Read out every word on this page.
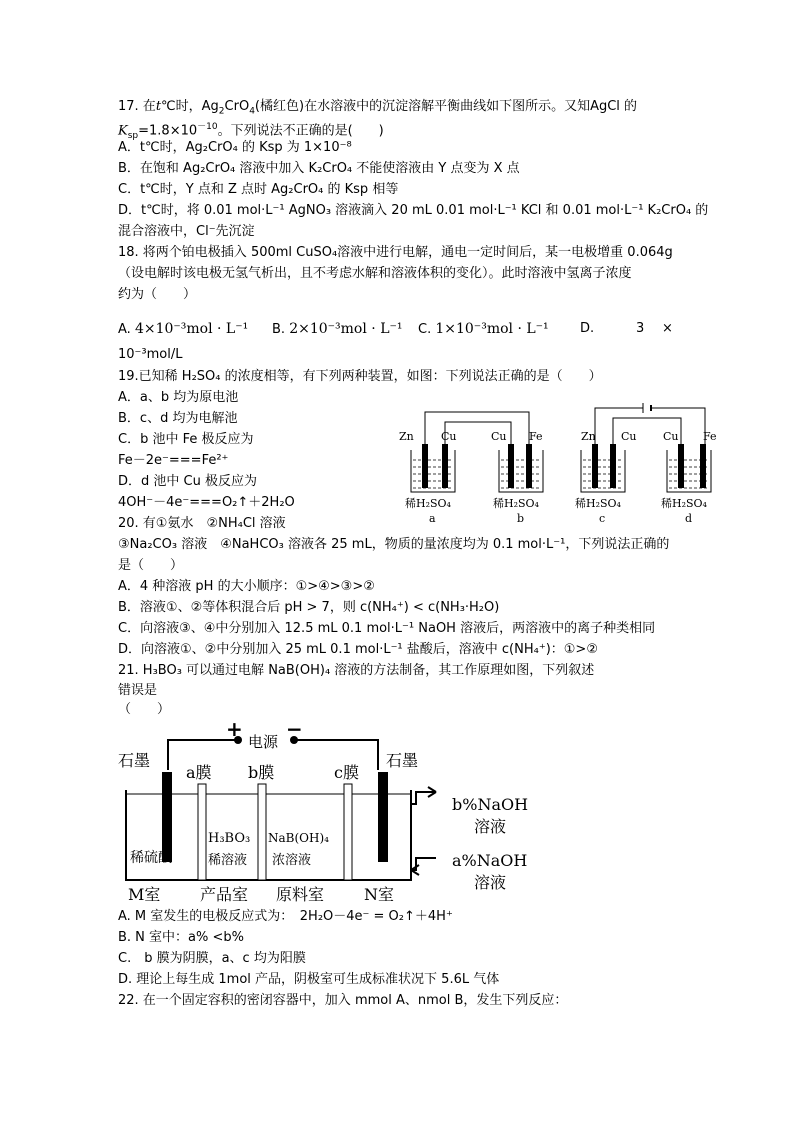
17. 在t℃时，$Ag_2CrO_4$(橘红色)在水溶液中的沉淀溶解平衡曲线如下图所示。又知AgCl 的
$K_{sp}=1.8\times 10^{-10}$。下列说法不正确的是(　　)
A．t℃时，Ag₂CrO₄ 的 Ksp 为 1×10⁻⁸
B．在饱和 Ag₂CrO₄ 溶液中加入 K₂CrO₄ 不能使溶液由 Y 点变为 X 点
C．t℃时，Y 点和 Z 点时 Ag₂CrO₄ 的 Ksp 相等
D．t℃时，将 0.01 mol·L⁻¹ AgNO₃ 溶液滴入 20 mL 0.01 mol·L⁻¹ KCl 和 0.01 mol·L⁻¹ K₂CrO₄ 的
混合溶液中，Cl⁻先沉淀
18. 将两个铂电极插入 500ml CuSO₄溶液中进行电解，通电一定时间后，某一电极增重 0.064g
（设电解时该电极无氢气析出，且不考虑水解和溶液体积的变化）。此时溶液中氢离子浓度
约为（　　）
A. 4×10⁻³mol · L⁻¹ B. 2×10⁻³mol · L⁻¹ C. 1×10⁻³mol · L⁻¹ D.	3 ×
10⁻³mol/L
19.已知稀 H₂SO₄ 的浓度相等，有下列两种装置，如图：下列说法正确的是（　　）
A．a、b 均为原电池
B．c、d 均为电解池
C．b 池中 Fe 极反应为
Fe－2e⁻===Fe²⁺
D．d 池中 Cu 极反应为
4OH⁻－4e⁻===O₂↑＋2H₂O
Zn Cu	Cu Fe	Zn Cu Cu Fe
稀H₂SO₄	稀H₂SO₄	稀H₂SO₄	稀H₂SO₄
a	b	c	d
20. 有①氨水　②NH₄Cl 溶液
③Na₂CO₃ 溶液　④NaHCO₃ 溶液各 25 mL，物质的量浓度均为 0.1 mol·L⁻¹，下列说法正确的
是（　　）
A．4 种溶液 pH 的大小顺序：①>④>③>②
B．溶液①、②等体积混合后 pH > 7，则 c(NH₄⁺) < c(NH₃·H₂O)
C．向溶液③、④中分别加入 12.5 mL 0.1 mol·L⁻¹ NaOH 溶液后，两溶液中的离子种类相同
D．向溶液①、②中分别加入 25 mL 0.1 mol·L⁻¹ 盐酸后，溶液中 c(NH₄⁺)：①>②
21. H₃BO₃ 可以通过电解 NaB(OH)₄ 溶液的方法制备，其工作原理如图，下列叙述
错误是
（　　）
+ −
电源
石墨
a膜 b膜	c膜
石墨
b%NaOH
溶液
a%NaOH
溶液
稀硫酸
H₃BO₃
稀溶液
NaB(OH)₄
浓溶液
M室 产品室 原料室 N室
A. M 室发生的电极反应式为：　2H₂O－4e⁻ = O₂↑＋4H⁺
B. N 室中：a% <b%
C.　b 膜为阴膜，a、c 均为阳膜
D. 理论上每生成 1mol 产品，阴极室可生成标准状况下 5.6L 气体
22. 在一个固定容积的密闭容器中，加入 mmol A、nmol B，发生下列反应：
